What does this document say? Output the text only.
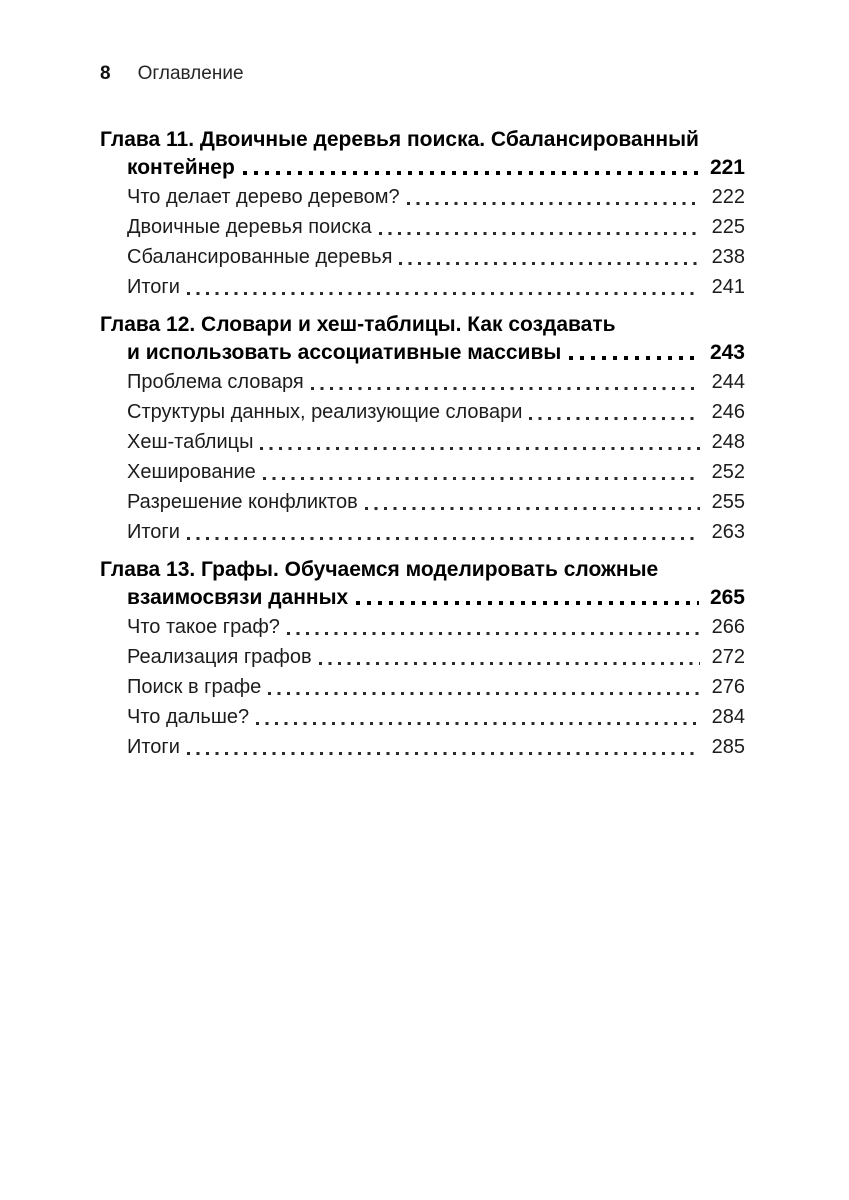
8 Оглавление
Глава 11. Двоичные деревья поиска. Сбалансированный
контейнер	221
Что делает дерево деревом?	222
Двоичные деревья поиска	225
Сбалансированные деревья	238
Итоги	241
Глава 12. Словари и хеш-таблицы. Как создавать
и использовать ассоциативные массивы	243
Проблема словаря	244
Структуры данных, реализующие словари	246
Хеш-таблицы	248
Хеширование	252
Разрешение конфликтов	255
Итоги	263
Глава 13. Графы. Обучаемся моделировать сложные
взаимосвязи данных	265
Что такое граф?	266
Реализация графов	272
Поиск в графе	276
Что дальше?	284
Итоги	285
